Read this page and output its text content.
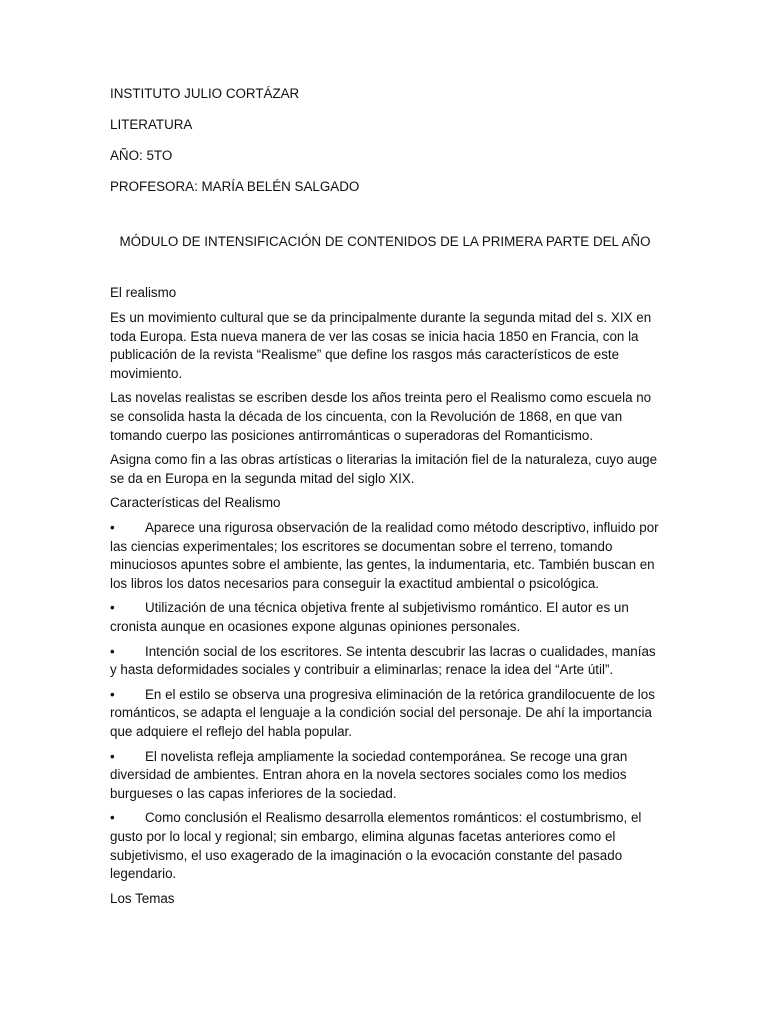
INSTITUTO JULIO CORTÁZAR
LITERATURA
AÑO: 5TO
PROFESORA: MARÍA BELÉN SALGADO
MÓDULO DE INTENSIFICACIÓN DE CONTENIDOS DE LA PRIMERA PARTE DEL AÑO
El realismo

Es un movimiento cultural que se da principalmente durante la segunda mitad del s. XIX en toda Europa. Esta nueva manera de ver las cosas se inicia hacia 1850 en Francia, con la publicación de la revista “Realisme” que define los rasgos más característicos de este movimiento.

Las novelas realistas se escriben desde los años treinta pero el Realismo como escuela no se consolida hasta la década de los cincuenta, con la Revolución de 1868, en que van tomando cuerpo las posiciones antirrománticas o superadoras del Romanticismo.

Asigna como fin a las obras artísticas o literarias la imitación fiel de la naturaleza, cuyo auge se da en Europa en la segunda mitad del siglo XIX.

Características del Realismo

• Aparece una rigurosa observación de la realidad como método descriptivo, influido por las ciencias experimentales; los escritores se documentan sobre el terreno, tomando minuciosos apuntes sobre el ambiente, las gentes, la indumentaria, etc. También buscan en los libros los datos necesarios para conseguir la exactitud ambiental o psicológica.

• Utilización de una técnica objetiva frente al subjetivismo romántico. El autor es un cronista aunque en ocasiones expone algunas opiniones personales.

• Intención social de los escritores. Se intenta descubrir las lacras o cualidades, manías y hasta deformidades sociales y contribuir a eliminarlas; renace la idea del “Arte útil”.

• En el estilo se observa una progresiva eliminación de la retórica grandilocuente de los románticos, se adapta el lenguaje a la condición social del personaje. De ahí la importancia que adquiere el reflejo del habla popular.

• El novelista refleja ampliamente la sociedad contemporánea. Se recoge una gran diversidad de ambientes. Entran ahora en la novela sectores sociales como los medios burgueses o las capas inferiores de la sociedad.

• Como conclusión el Realismo desarrolla elementos románticos: el costumbrismo, el gusto por lo local y regional; sin embargo, elimina algunas facetas anteriores como el subjetivismo, el uso exagerado de la imaginación o la evocación constante del pasado legendario.

Los Temas
